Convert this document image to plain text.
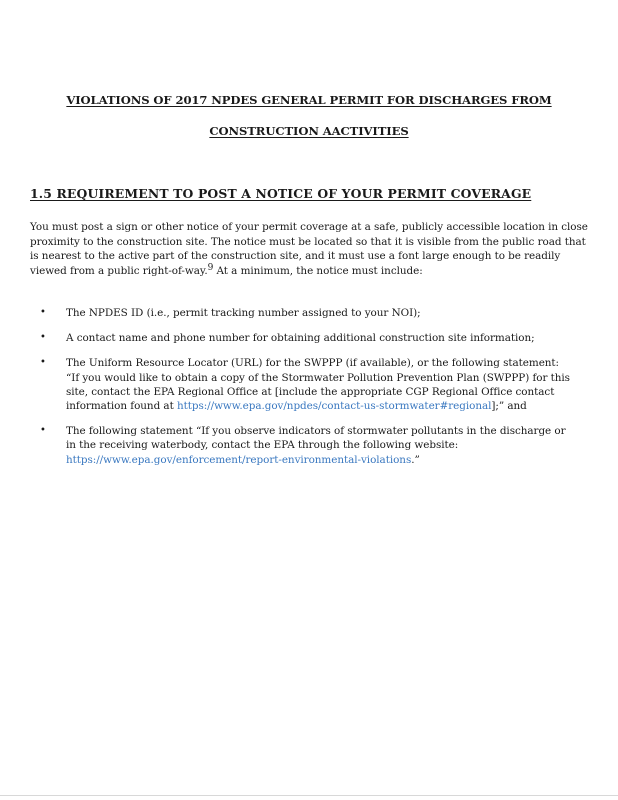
VIOLATIONS OF 2017 NPDES GENERAL PERMIT FOR DISCHARGES FROM
CONSTRUCTION AACTIVITIES
1.5 REQUIREMENT TO POST A NOTICE OF YOUR PERMIT COVERAGE
You must post a sign or other notice of your permit coverage at a safe, publicly accessible location in close proximity to the construction site. The notice must be located so that it is visible from the public road that is nearest to the active part of the construction site, and it must use a font large enough to be readily viewed from a public right-of-way.$^9$ At a minimum, the notice must include:
• The NPDES ID (i.e., permit tracking number assigned to your NOI);
• A contact name and phone number for obtaining additional construction site information;
• The Uniform Resource Locator (URL) for the SWPPP (if available), or the following statement: “If you would like to obtain a copy of the Stormwater Pollution Prevention Plan (SWPPP) for this site, contact the EPA Regional Office at [include the appropriate CGP Regional Office contact information found at https://www.epa.gov/npdes/contact-us-stormwater#regional];” and
• The following statement “If you observe indicators of stormwater pollutants in the discharge or in the receiving waterbody, contact the EPA through the following website: https://www.epa.gov/enforcement/report-environmental-violations.”
